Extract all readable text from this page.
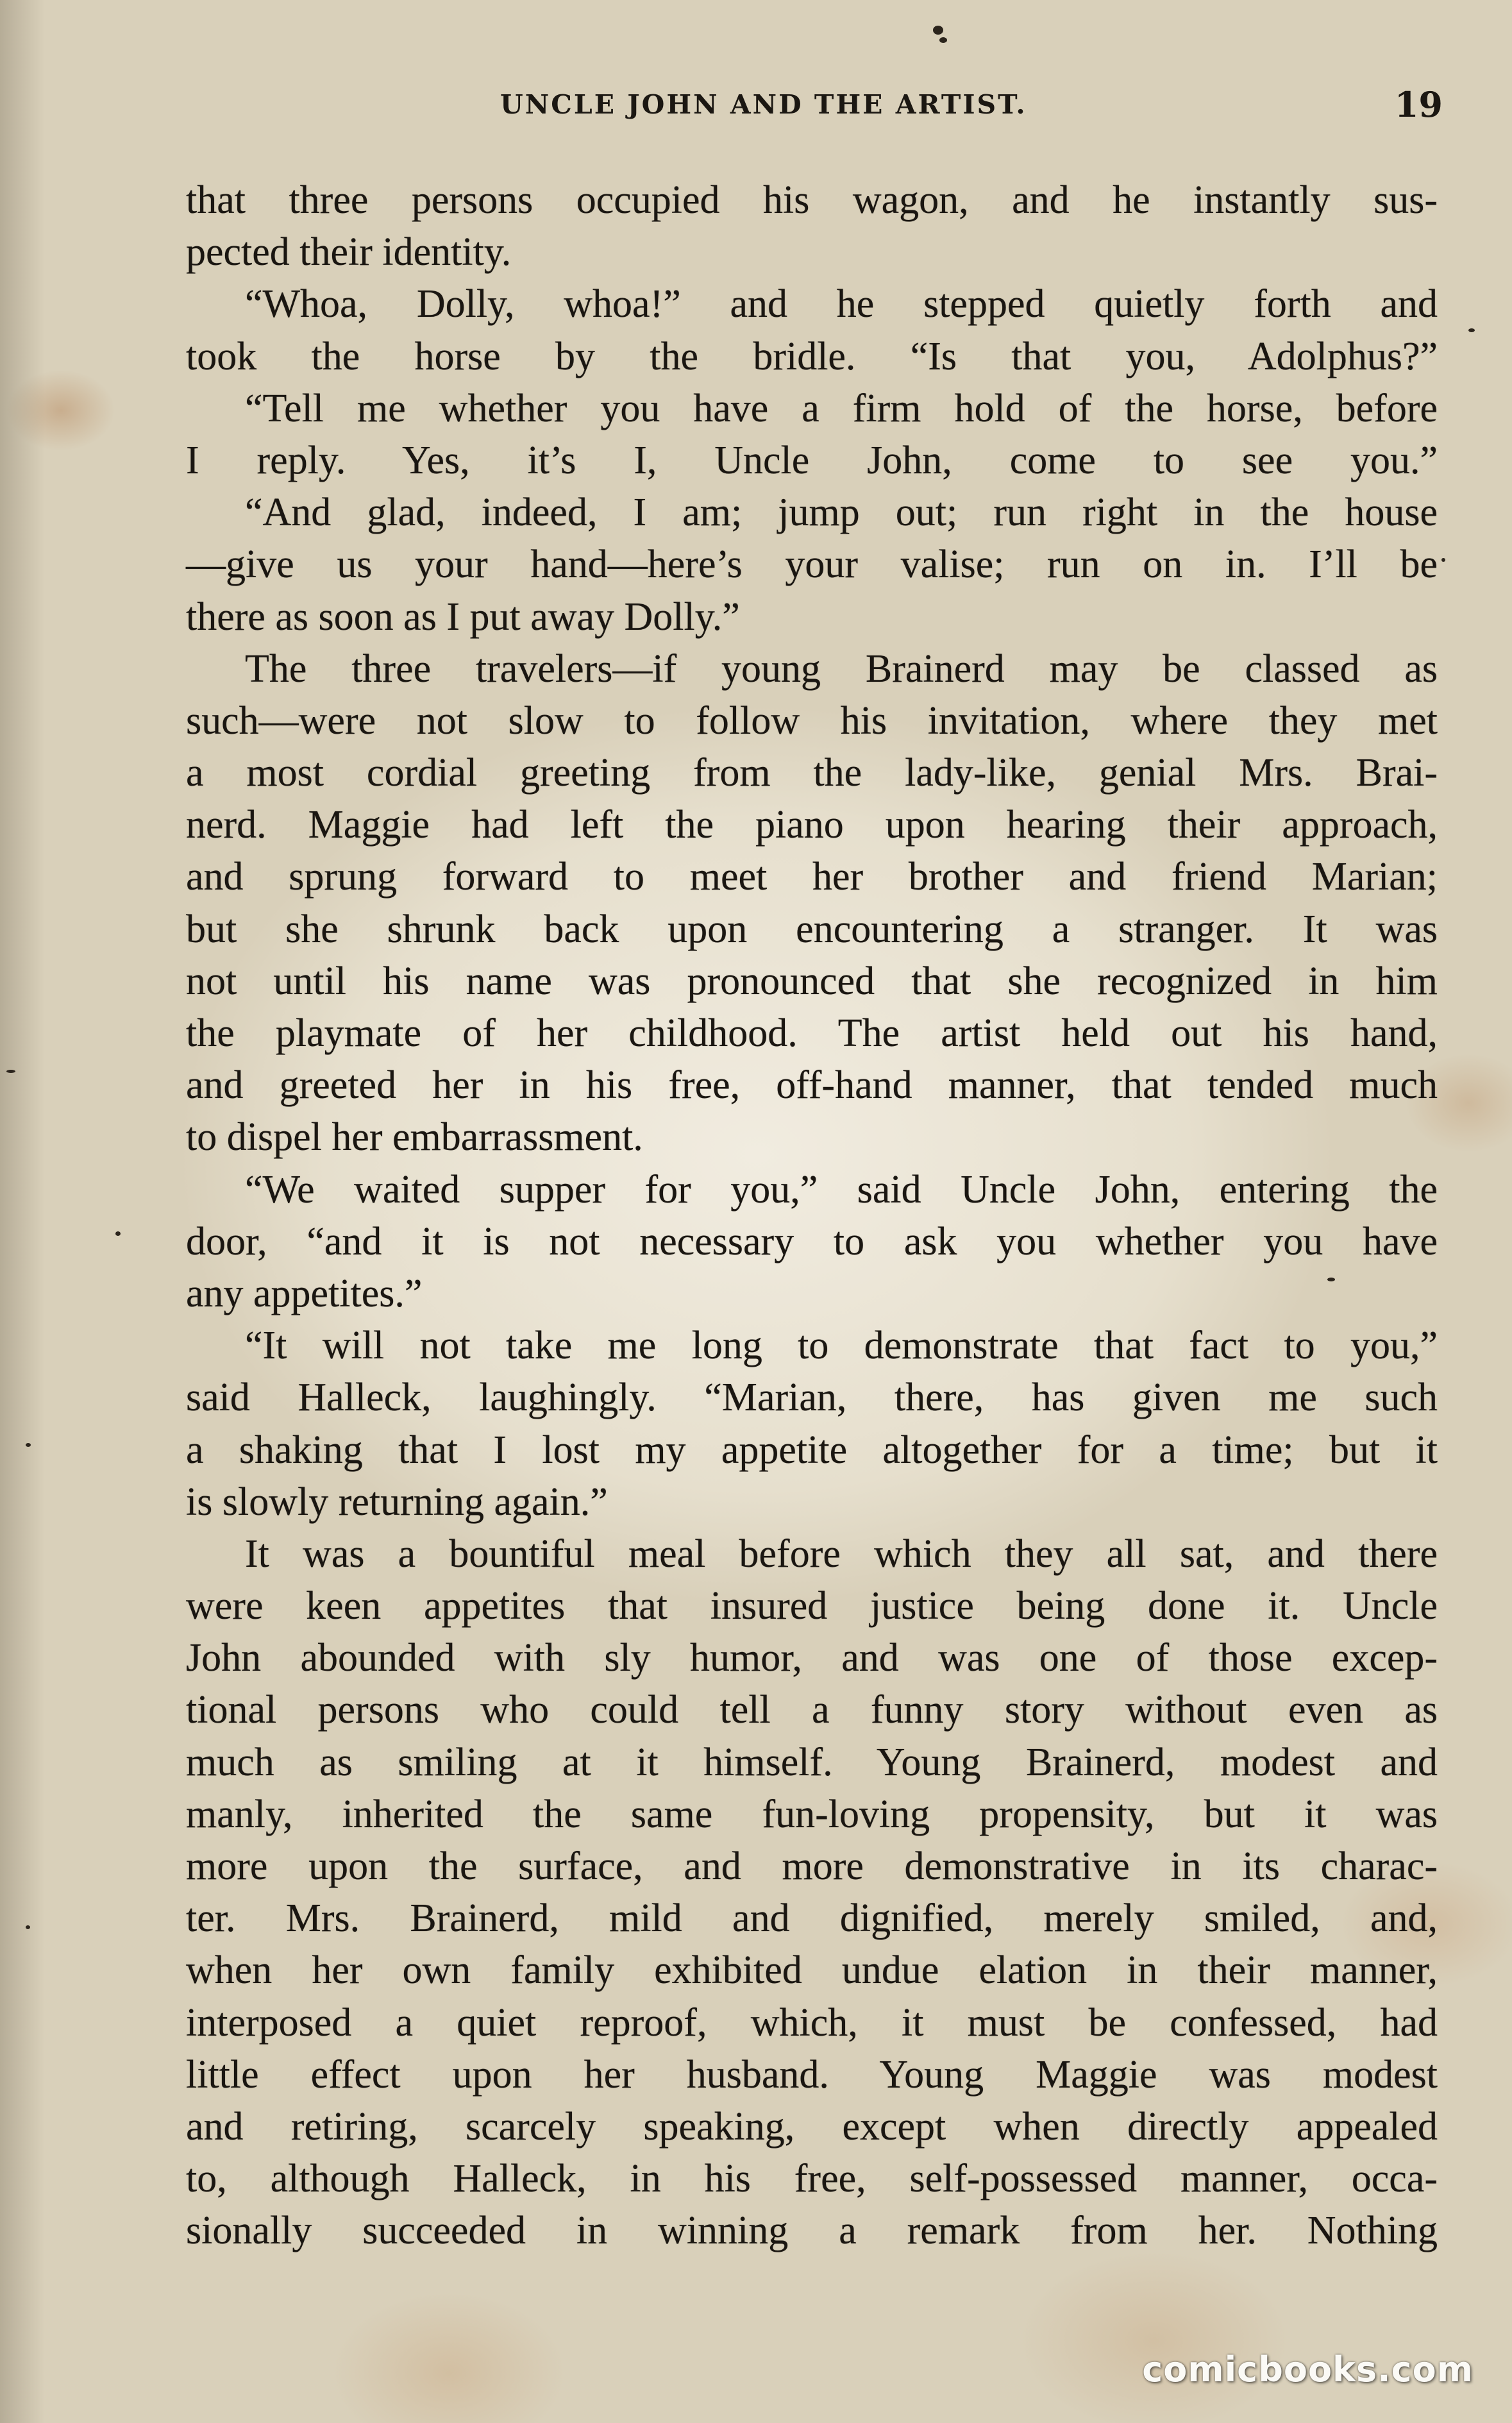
UNCLE JOHN AND THE ARTIST.	19
that three persons occupied his wagon, and he instantly sus-
pected their identity.
“Whoa, Dolly, whoa!” and he stepped quietly forth and
took the horse by the bridle. “Is that you, Adolphus?”
“Tell me whether you have a firm hold of the horse, before
I reply. Yes, it’s I, Uncle John, come to see you.”
“And glad, indeed, I am; jump out; run right in the house
—give us your hand—here’s your valise; run on in. I’ll be
there as soon as I put away Dolly.”
The three travelers—if young Brainerd may be classed as
such—were not slow to follow his invitation, where they met
a most cordial greeting from the lady-like, genial Mrs. Brai-
nerd. Maggie had left the piano upon hearing their approach,
and sprung forward to meet her brother and friend Marian;
but she shrunk back upon encountering a stranger. It was
not until his name was pronounced that she recognized in him
the playmate of her childhood. The artist held out his hand,
and greeted her in his free, off-hand manner, that tended much
to dispel her embarrassment.
“We waited supper for you,” said Uncle John, entering the
door, “and it is not necessary to ask you whether you have
any appetites.”
“It will not take me long to demonstrate that fact to you,”
said Halleck, laughingly. “Marian, there, has given me such
a shaking that I lost my appetite altogether for a time; but it
is slowly returning again.”
It was a bountiful meal before which they all sat, and there
were keen appetites that insured justice being done it. Uncle
John abounded with sly humor, and was one of those excep-
tional persons who could tell a funny story without even as
much as smiling at it himself. Young Brainerd, modest and
manly, inherited the same fun-loving propensity, but it was
more upon the surface, and more demonstrative in its charac-
ter. Mrs. Brainerd, mild and dignified, merely smiled, and,
when her own family exhibited undue elation in their manner,
interposed a quiet reproof, which, it must be confessed, had
little effect upon her husband. Young Maggie was modest
and retiring, scarcely speaking, except when directly appealed
to, although Halleck, in his free, self-possessed manner, occa-
sionally succeeded in winning a remark from her. Nothing
comicbooks.com
